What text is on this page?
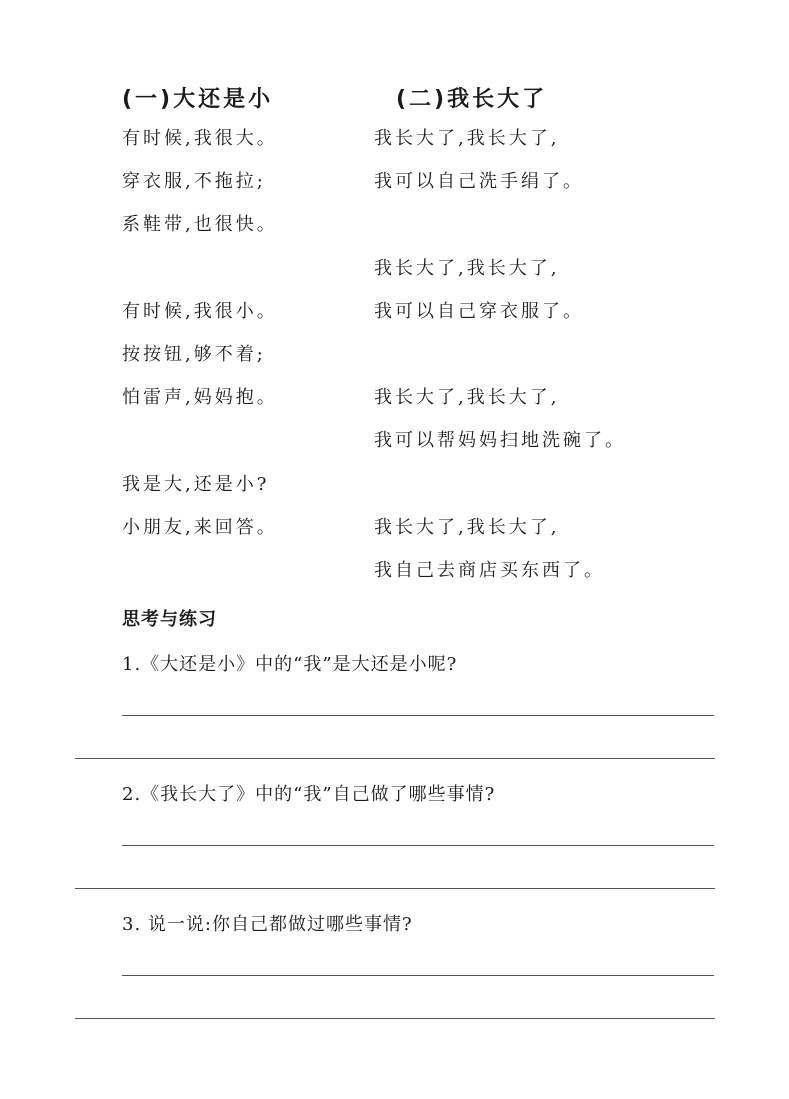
(一)大还是小
有时候,我很大。
穿衣服,不拖拉;
系鞋带,也很快。
有时候,我很小。
按按钮,够不着;
怕雷声,妈妈抱。
我是大,还是小?
小朋友,来回答。
(二)我长大了
我长大了,我长大了,
我可以自己洗手绢了。
我长大了,我长大了,
我可以自己穿衣服了。
我长大了,我长大了,
我可以帮妈妈扫地洗碗了。
我长大了,我长大了,
我自己去商店买东西了。
思考与练习
1.《大还是小》中的“我”是大还是小呢?
2.《我长大了》中的“我”自己做了哪些事情?
3. 说一说:你自己都做过哪些事情?
